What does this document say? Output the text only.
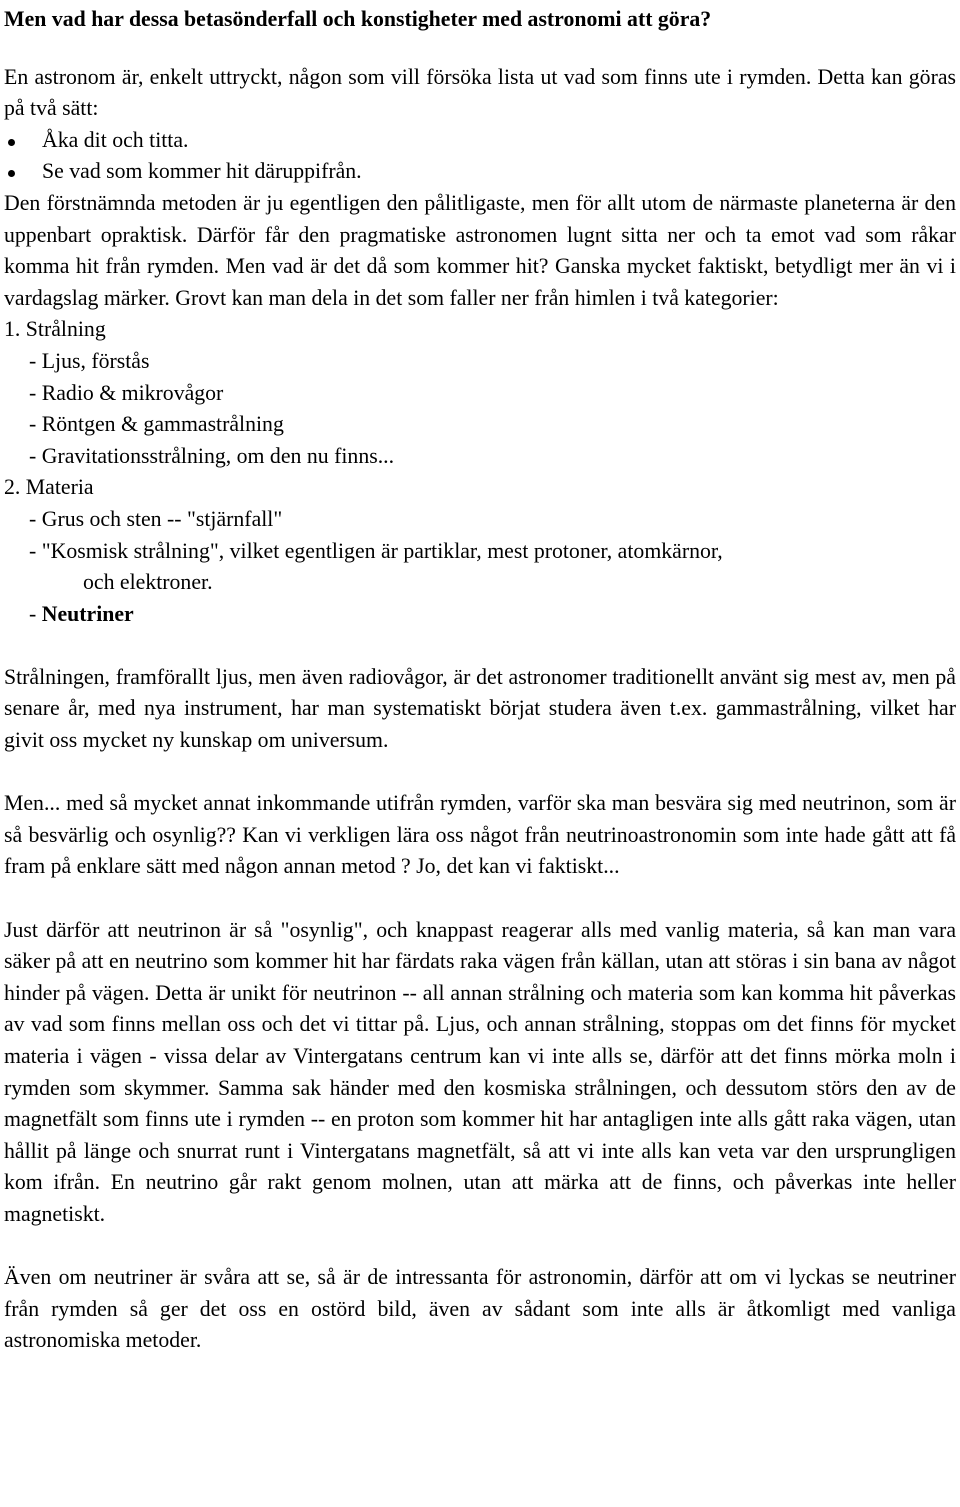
Men vad har dessa betasönderfall och konstigheter med astronomi att göra?

En astronom är, enkelt uttryckt, någon som vill försöka lista ut vad som finns ute i rymden. Detta kan göras på två sätt:

Åka dit och titta.
Se vad som kommer hit däruppifrån.

Den förstnämnda metoden är ju egentligen den pålitligaste, men för allt utom de närmaste planeterna är den uppenbart opraktisk. Därför får den pragmatiske astronomen lugnt sitta ner och ta emot vad som råkar komma hit från rymden. Men vad är det då som kommer hit? Ganska mycket faktiskt, betydligt mer än vi i vardagslag märker. Grovt kan man dela in det som faller ner från himlen i två kategorier:

1. Strålning

- Ljus, förstås

- Radio & mikrovågor

- Röntgen & gammastrålning

- Gravitationsstrålning, om den nu finns...

2. Materia

- Grus och sten -- "stjärnfall"

- "Kosmisk strålning", vilket egentligen är partiklar, mest protoner, atomkärnor,
och elektroner.

- Neutriner

Strålningen, framförallt ljus, men även radiovågor, är det astronomer traditionellt använt sig mest av, men på senare år, med nya instrument, har man systematiskt börjat studera även t.ex. gammastrålning, vilket har givit oss mycket ny kunskap om universum.

Men... med så mycket annat inkommande utifrån rymden, varför ska man besvära sig med neutrinon, som är så besvärlig och osynlig?? Kan vi verkligen lära oss något från neutrinoastronomin som inte hade gått att få fram på enklare sätt med någon annan metod ? Jo, det kan vi faktiskt...

Just därför att neutrinon är så "osynlig", och knappast reagerar alls med vanlig materia, så kan man vara säker på att en neutrino som kommer hit har färdats raka vägen från källan, utan att störas i sin bana av något hinder på vägen. Detta är unikt för neutrinon -- all annan strålning och materia som kan komma hit påverkas av vad som finns mellan oss och det vi tittar på. Ljus, och annan strålning, stoppas om det finns för mycket materia i vägen - vissa delar av Vintergatans centrum kan vi inte alls se, därför att det finns mörka moln i rymden som skymmer. Samma sak händer med den kosmiska strålningen, och dessutom störs den av de magnetfält som finns ute i rymden -- en proton som kommer hit har antagligen inte alls gått raka vägen, utan hållit på länge och snurrat runt i Vintergatans magnetfält, så att vi inte alls kan veta var den ursprungligen kom ifrån. En neutrino går rakt genom molnen, utan att märka att de finns, och påverkas inte heller magnetiskt.

Även om neutriner är svåra att se, så är de intressanta för astronomin, därför att om vi lyckas se neutriner från rymden så ger det oss en ostörd bild, även av sådant som inte alls är åtkomligt med vanliga astronomiska metoder.
